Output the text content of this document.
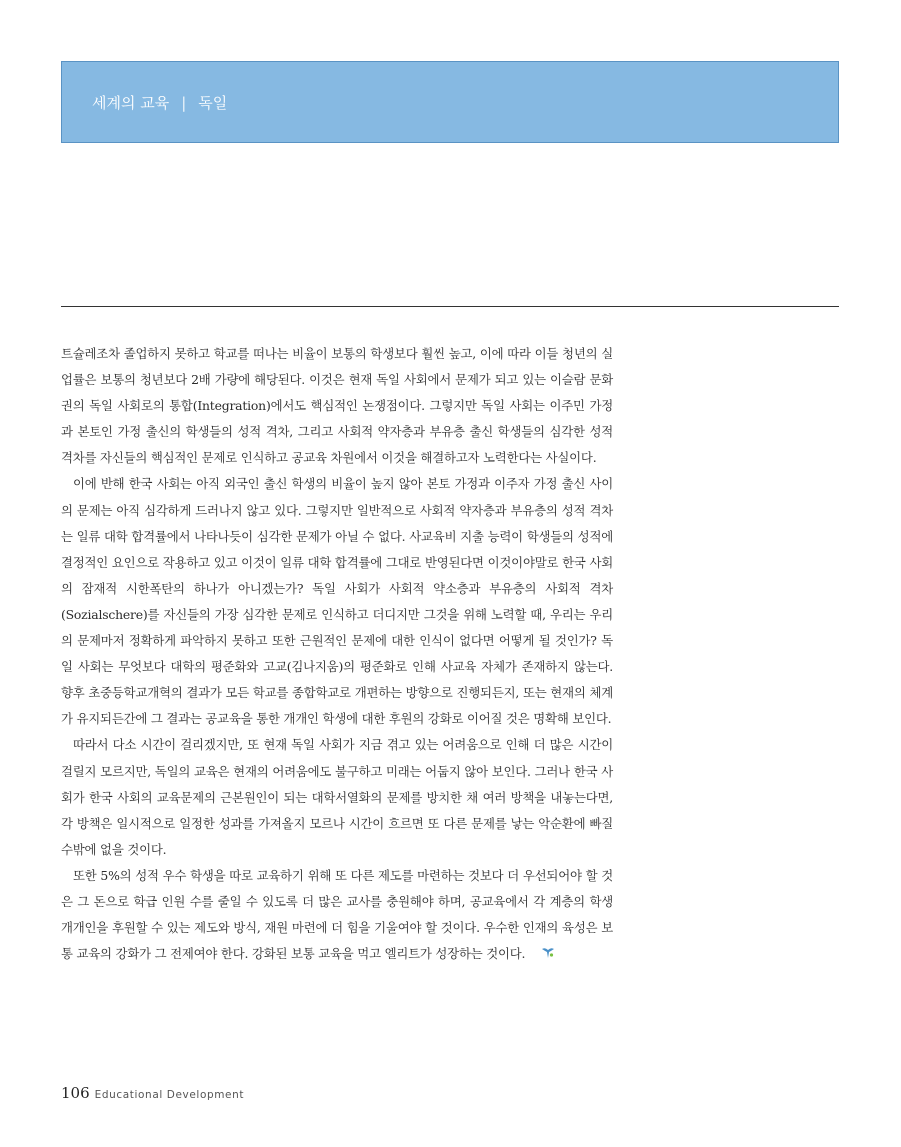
세계의 교육 | 독일

트슐레조차 졸업하지 못하고 학교를 떠나는 비율이 보통의 학생보다 훨씬 높고, 이에 따라 이들 청년의 실업률은 보통의 청년보다 2배 가량에 해당된다. 이것은 현재 독일 사회에서 문제가 되고 있는 이슬람 문화권의 독일 사회로의 통합(Integration)에서도 핵심적인 논쟁점이다. 그렇지만 독일 사회는 이주민 가정과 본토인 가정 출신의 학생들의 성적 격차, 그리고 사회적 약자층과 부유층 출신 학생들의 심각한 성적 격차를 자신들의 핵심적인 문제로 인식하고 공교육 차원에서 이것을 해결하고자 노력한다는 사실이다.

이에 반해 한국 사회는 아직 외국인 출신 학생의 비율이 높지 않아 본토 가정과 이주자 가정 출신 사이의 문제는 아직 심각하게 드러나지 않고 있다. 그렇지만 일반적으로 사회적 약자층과 부유층의 성적 격차는 일류 대학 합격률에서 나타나듯이 심각한 문제가 아닐 수 없다. 사교육비 지출 능력이 학생들의 성적에 결정적인 요인으로 작용하고 있고 이것이 일류 대학 합격률에 그대로 반영된다면 이것이야말로 한국 사회의 잠재적 시한폭탄의 하나가 아니겠는가? 독일 사회가 사회적 약소층과 부유층의 사회적 격차(Sozialschere)를 자신들의 가장 심각한 문제로 인식하고 더디지만 그것을 위해 노력할 때, 우리는 우리의 문제마저 정확하게 파악하지 못하고 또한 근원적인 문제에 대한 인식이 없다면 어떻게 될 것인가? 독일 사회는 무엇보다 대학의 평준화와 고교(김나지움)의 평준화로 인해 사교육 자체가 존재하지 않는다. 향후 초중등학교개혁의 결과가 모든 학교를 종합학교로 개편하는 방향으로 진행되든지, 또는 현재의 체계가 유지되든간에 그 결과는 공교육을 통한 개개인 학생에 대한 후원의 강화로 이어질 것은 명확해 보인다.

따라서 다소 시간이 걸리겠지만, 또 현재 독일 사회가 지금 겪고 있는 어려움으로 인해 더 많은 시간이 걸릴지 모르지만, 독일의 교육은 현재의 어려움에도 불구하고 미래는 어둡지 않아 보인다. 그러나 한국 사회가 한국 사회의 교육문제의 근본원인이 되는 대학서열화의 문제를 방치한 채 여러 방책을 내놓는다면, 각 방책은 일시적으로 일정한 성과를 가져올지 모르나 시간이 흐르면 또 다른 문제를 낳는 악순환에 빠질 수밖에 없을 것이다.

또한 5%의 성적 우수 학생을 따로 교육하기 위해 또 다른 제도를 마련하는 것보다 더 우선되어야 할 것은 그 돈으로 학급 인원 수를 줄일 수 있도록 더 많은 교사를 충원해야 하며, 공교육에서 각 계층의 학생 개개인을 후원할 수 있는 제도와 방식, 재원 마련에 더 힘을 기울여야 할 것이다. 우수한 인재의 육성은 보통 교육의 강화가 그 전제여야 한다. 강화된 보통 교육을 먹고 엘리트가 성장하는 것이다.

106 Educational Development
